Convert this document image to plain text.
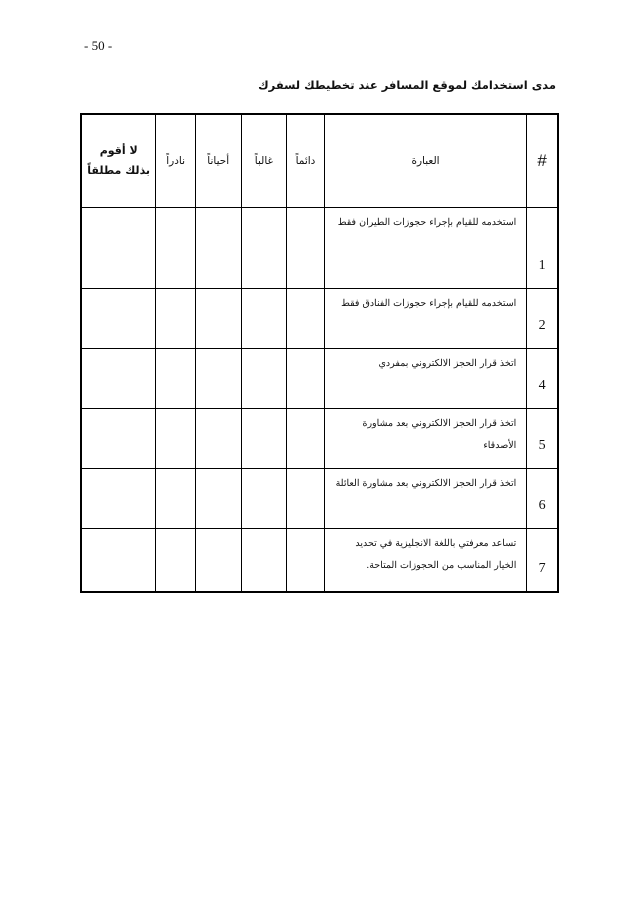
- 50 -
مدى استخدامك لموقع المسافر عند تخطيطك لسفرك
#	العبارة	دائماً	غالباً	أحياناً	نادراً	لا أقوم بذلك مطلقاً
1	استخدمه للقيام بإجراء حجوزات الطيران فقط					
2	استخدمه للقيام بإجراء حجوزات الفنادق فقط					
4	اتخذ قرار الحجز الالكتروني بمفردي					
5	اتخذ قرار الحجز الالكتروني بعد مشاورة الأصدقاء					
6	اتخذ قرار الحجز الالكتروني بعد مشاورة العائلة					
7	تساعد معرفتي باللغة الانجليزية في تحديد الخيار المناسب من الحجوزات المتاحة.					
